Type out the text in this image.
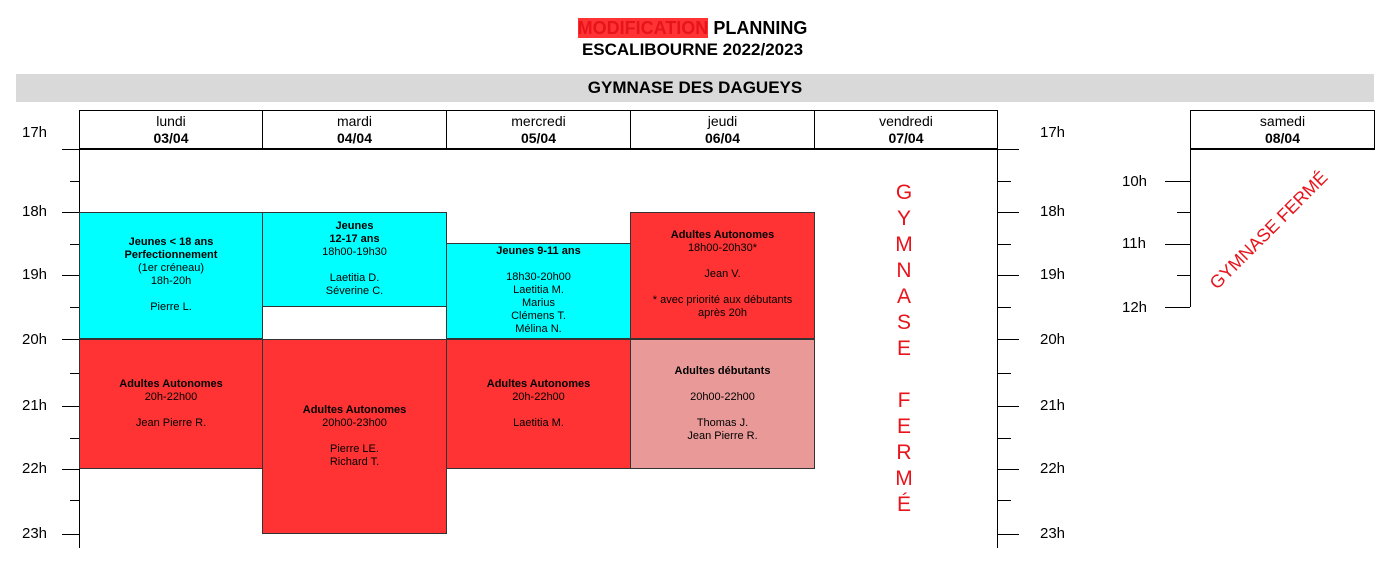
MODIFICATION PLANNING
ESCALIBOURNE 2022/2023
GYMNASE DES DAGUEYS
lundi
03/04
mardi
04/04
mercredi
05/04
jeudi
06/04
vendredi
07/04
samedi
08/04
17h
18h
19h
20h
21h
22h
23h
17h
18h
19h
20h
21h
22h
23h
Jeunes < 18 ans
Perfectionnement
(1er créneau)
18h-20h
Pierre L.
Adultes Autonomes
20h-22h00
Jean Pierre R.
Jeunes
12-17 ans
18h00-19h30
Laetitia D.
Séverine C.
Adultes Autonomes
20h00-23h00
Pierre LE.
Richard T.
Jeunes 9-11 ans
18h30-20h00
Laetitia M.
Marius
Clémens T.
Mélina N.
Adultes Autonomes
20h-22h00
Laetitia M.
Adultes Autonomes
18h00-20h30*
Jean V.
* avec priorité aux débutants
après 20h
Adultes débutants
20h00-22h00
Thomas J.
Jean Pierre R.
G
Y
M
N
A
S
E
F
E
R
M
É
10h
11h
12h
GYMNASE FERMÉ
